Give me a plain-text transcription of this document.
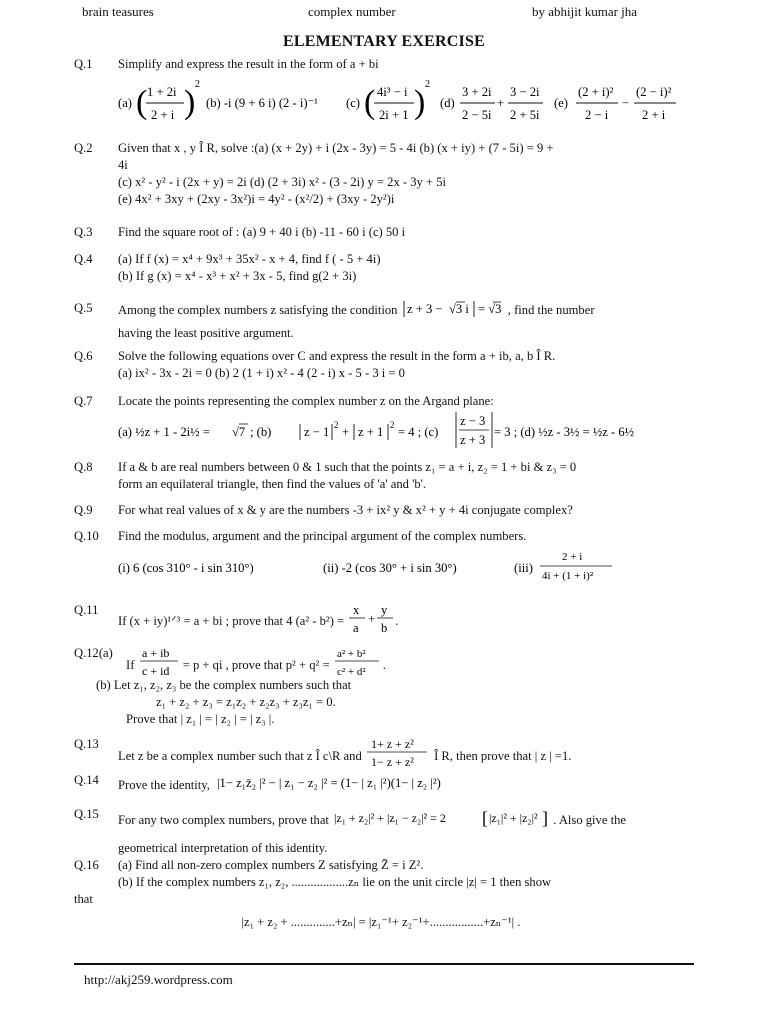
brain teasures	complex number	by abhijit kumar jha
ELEMENTARY EXERCISE
Q.1	Simplify and express the result in the form of a + bi
(a) ( 1 + 2i
2 + i ) 2
(b) -i (9 + 6 i) (2 - i)⁻¹ (c) ( 4i³ − i
2i + 1 ) 2
(d)
3 + 2i
2 − 5i
+
3 − 2i
2 + 5i
(e)
(2 + i)²
2 − i
−
(2 − i)²
2 + i
Q.2	Given that x , y Î R, solve :(a) (x + 2y) + i (2x - 3y) = 5 - 4i (b) (x + iy) + (7 - 5i) = 9 +
4i
(c) x² - y² - i (2x + y) = 2i (d) (2 + 3i) x² - (3 - 2i) y = 2x - 3y + 5i
(e) 4x² + 3xy + (2xy - 3x²)i = 4y² - (x²/2) + (3xy - 2y²)i
Q.3	Find the square root of : (a) 9 + 40 i (b) -11 - 60 i (c) 50 i
Q.4	(a) If f (x) = x⁴ + 9x³ + 35x² - x + 4, find f ( - 5 + 4i)
(b) If g (x) = x⁴ - x³ + x² + 3x - 5, find g(2 + 3i)
Q.5	Among the complex numbers z satisfying the condition z + 3 − √3 i = √3 , find the number
having the least positive argument.
Q.6	Solve the following equations over C and express the result in the form a + ib, a, b Î R.
(a) ix² - 3x - 2i = 0 (b) 2 (1 + i) x² - 4 (2 - i) x - 5 - 3 i = 0
Q.7	Locate the points representing the complex number z on the Argand plane:
(a) ½z + 1 - 2i½ = √7 ; (b)	z − 1 2 + z + 1 2 = 4 ; (c)
z − 3
z + 3
= 3 ; (d) ½z - 3½ = ½z - 6½
Q.8	If a & b are real numbers between 0 & 1 such that the points z₁ = a + i, z₂ = 1 + bi & z₃ = 0
form an equilateral triangle, then find the values of 'a' and 'b'.
Q.9	For what real values of x & y are the numbers -3 + ix² y & x² + y + 4i conjugate complex?
Q.10	Find the modulus, argument and the principal argument of the complex numbers.
(i) 6 (cos 310° - i sin 310°)	(ii) -2 (cos 30° + i sin 30°)	(iii)
2 + i
4i + (1 + i)²
Q.11
If (x + iy)¹ᐟ³ = a + bi ; prove that 4 (a² - b²) =
x
a
+
y
b .
Q.12(a)
If
a + ib
c + id = p + qi , prove that p² + q² =
a² + b²
c² + d² .
(b) Let z₁, z₂, z₃ be the complex numbers such that
z₁ + z₂ + z₃ = z₁z₂ + z₂z₃ + z₃z₁ = 0.
Prove that | z₁ | = | z₂ | = | z₃ |.
Q.13
Let z be a complex number such that z Î c\R and
1+ z + z²
1− z + z² Î R, then prove that | z | =1.
Q.14	Prove the identity, |1− z₁z̄₂ |² − | z₁ − z₂ |² = (1− | z₁ |²)(1− | z₂ |²)
Q.15	For any two complex numbers, prove that |z₁ + z₂|² + |z₁ − z₂|² = 2 [ |z₁|² + |z₂|² ] . Also give the
geometrical interpretation of this identity.
Q.16	(a) Find all non-zero complex numbers Z satisfying Z̄ = i Z².
(b) If the complex numbers z₁, z₂, ..................zₙ lie on the unit circle |z| = 1 then show
that
|z₁ + z₂ + ..............+zₙ| = |z₁⁻¹+ z₂⁻¹+.................+zₙ⁻¹| .
http://akj259.wordpress.com
